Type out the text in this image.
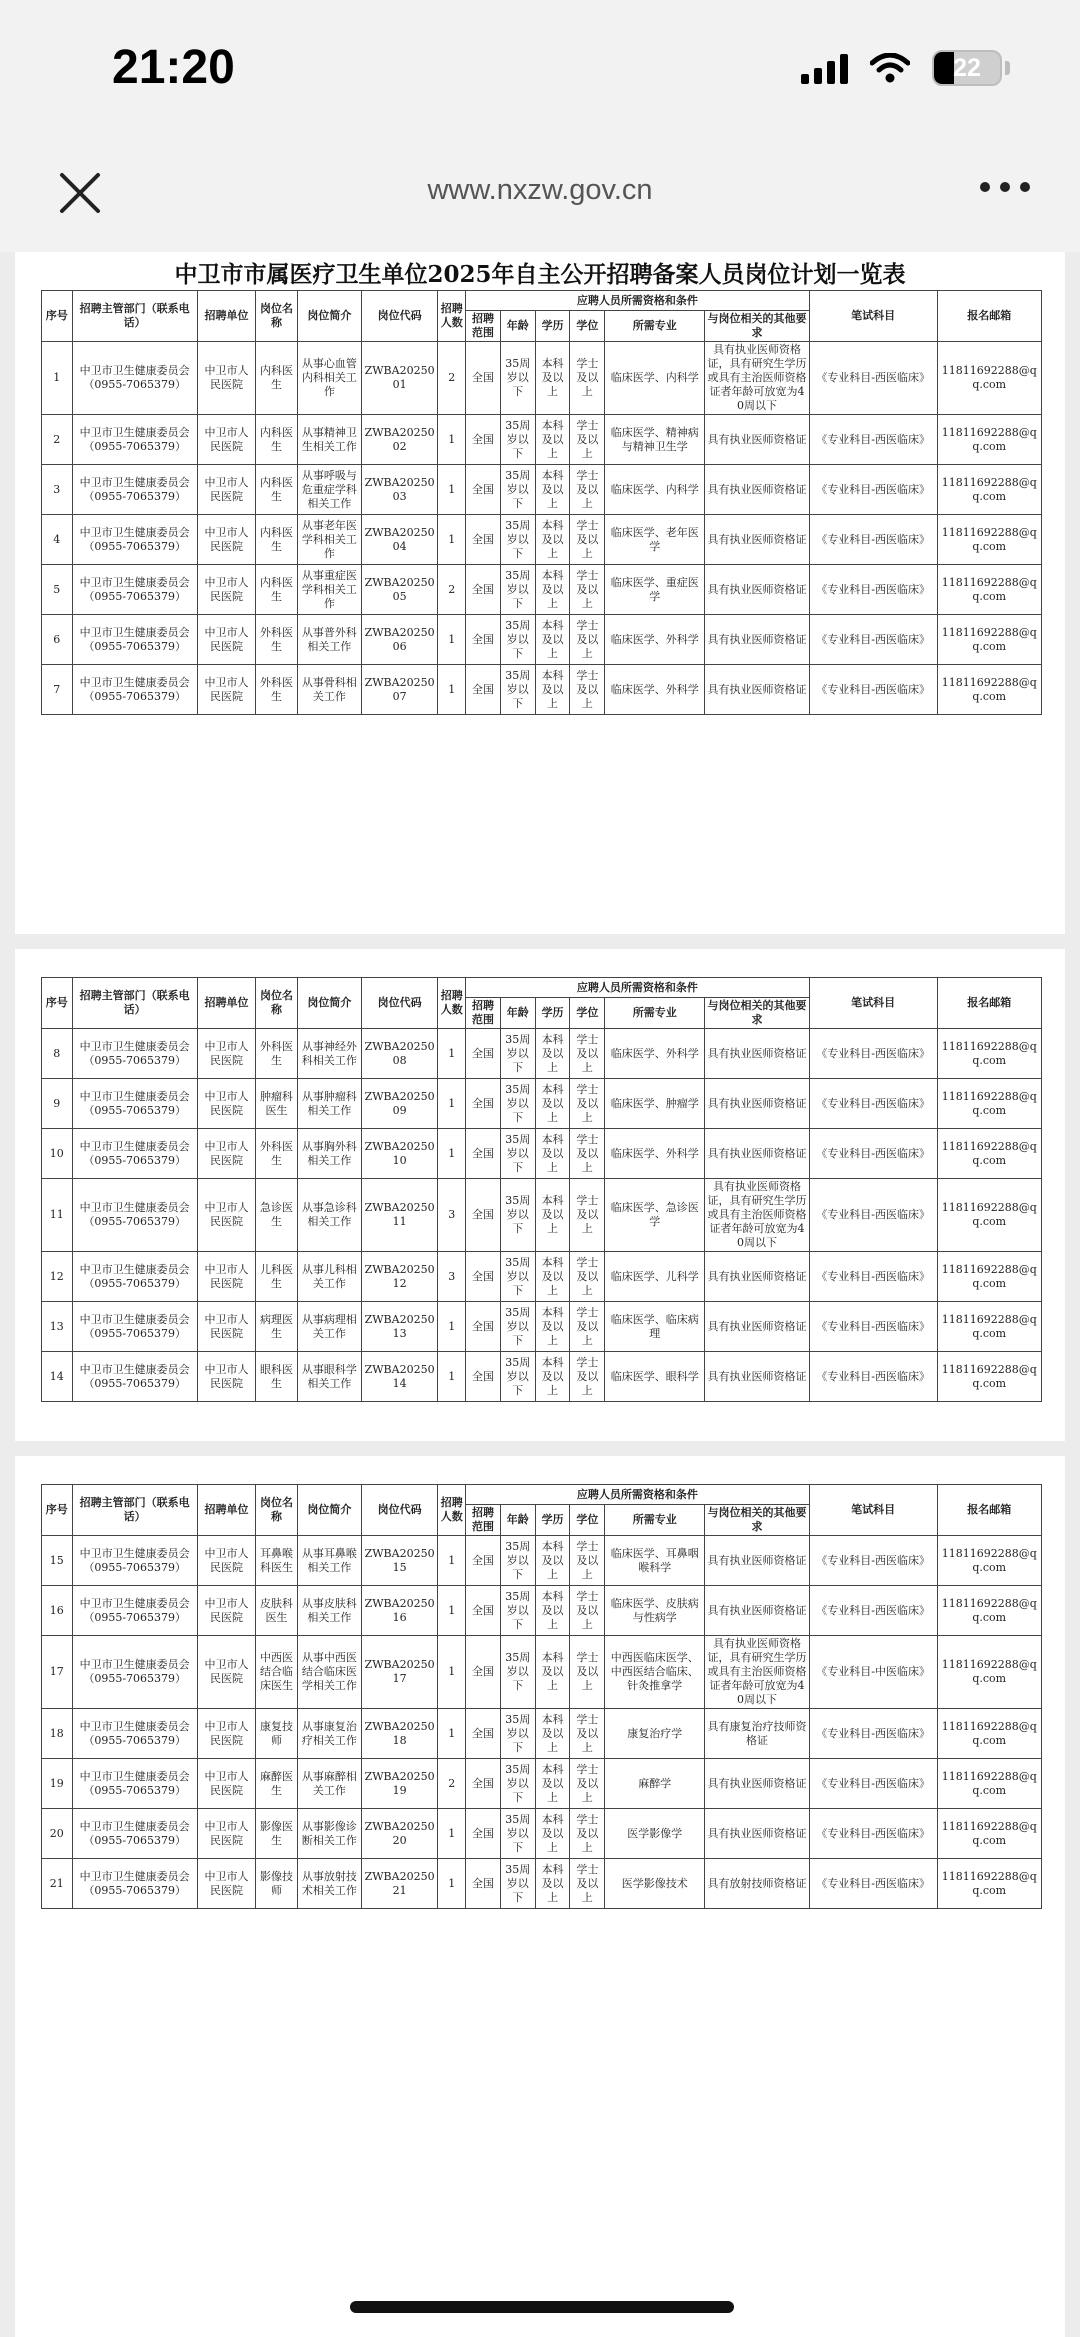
21:20	22
www.nxzw.gov.cn
中卫市市属医疗卫生单位2025年自主公开招聘备案人员岗位计划一览表
序号	招聘主管部门（联系电话）	招聘单位	岗位名称	岗位简介	岗位代码	招聘人数	应聘人员所需资格和条件						笔试科目	报名邮箱
							招聘范围	年龄	学历	学位	所需专业	与岗位相关的其他要求		
1	中卫市卫生健康委员会（0955-7065379）	中卫市人民医院	内科医生	从事心血管内科相关工作	ZWBA2025001	2	全国	35周岁以下	本科及以上	学士及以上	临床医学、内科学	具有执业医师资格证，具有研究生学历或具有主治医师资格证者年龄可放宽为40周以下	《专业科目-西医临床》	11811692288@qq.com
2	中卫市卫生健康委员会（0955-7065379）	中卫市人民医院	内科医生	从事精神卫生相关工作	ZWBA2025002	1	全国	35周岁以下	本科及以上	学士及以上	临床医学、精神病与精神卫生学	具有执业医师资格证	《专业科目-西医临床》	11811692288@qq.com
3	中卫市卫生健康委员会（0955-7065379）	中卫市人民医院	内科医生	从事呼吸与危重症学科相关工作	ZWBA2025003	1	全国	35周岁以下	本科及以上	学士及以上	临床医学、内科学	具有执业医师资格证	《专业科目-西医临床》	11811692288@qq.com
4	中卫市卫生健康委员会（0955-7065379）	中卫市人民医院	内科医生	从事老年医学科相关工作	ZWBA2025004	1	全国	35周岁以下	本科及以上	学士及以上	临床医学、老年医学	具有执业医师资格证	《专业科目-西医临床》	11811692288@qq.com
5	中卫市卫生健康委员会（0955-7065379）	中卫市人民医院	内科医生	从事重症医学科相关工作	ZWBA2025005	2	全国	35周岁以下	本科及以上	学士及以上	临床医学、重症医学	具有执业医师资格证	《专业科目-西医临床》	11811692288@qq.com
6	中卫市卫生健康委员会（0955-7065379）	中卫市人民医院	外科医生	从事普外科相关工作	ZWBA2025006	1	全国	35周岁以下	本科及以上	学士及以上	临床医学、外科学	具有执业医师资格证	《专业科目-西医临床》	11811692288@qq.com
7	中卫市卫生健康委员会（0955-7065379）	中卫市人民医院	外科医生	从事骨科相关工作	ZWBA2025007	1	全国	35周岁以下	本科及以上	学士及以上	临床医学、外科学	具有执业医师资格证	《专业科目-西医临床》	11811692288@qq.com
序号	招聘主管部门（联系电话）	招聘单位	岗位名称	岗位简介	岗位代码	招聘人数	应聘人员所需资格和条件						笔试科目	报名邮箱
							招聘范围	年龄	学历	学位	所需专业	与岗位相关的其他要求		
8	中卫市卫生健康委员会（0955-7065379）	中卫市人民医院	外科医生	从事神经外科相关工作	ZWBA2025008	1	全国	35周岁以下	本科及以上	学士及以上	临床医学、外科学	具有执业医师资格证	《专业科目-西医临床》	11811692288@qq.com
9	中卫市卫生健康委员会（0955-7065379）	中卫市人民医院	肿瘤科医生	从事肿瘤科相关工作	ZWBA2025009	1	全国	35周岁以下	本科及以上	学士及以上	临床医学、肿瘤学	具有执业医师资格证	《专业科目-西医临床》	11811692288@qq.com
10	中卫市卫生健康委员会（0955-7065379）	中卫市人民医院	外科医生	从事胸外科相关工作	ZWBA2025010	1	全国	35周岁以下	本科及以上	学士及以上	临床医学、外科学	具有执业医师资格证	《专业科目-西医临床》	11811692288@qq.com
11	中卫市卫生健康委员会（0955-7065379）	中卫市人民医院	急诊医生	从事急诊科相关工作	ZWBA2025011	3	全国	35周岁以下	本科及以上	学士及以上	临床医学、急诊医学	具有执业医师资格证，具有研究生学历或具有主治医师资格证者年龄可放宽为40周以下	《专业科目-西医临床》	11811692288@qq.com
12	中卫市卫生健康委员会（0955-7065379）	中卫市人民医院	儿科医生	从事儿科相关工作	ZWBA2025012	3	全国	35周岁以下	本科及以上	学士及以上	临床医学、儿科学	具有执业医师资格证	《专业科目-西医临床》	11811692288@qq.com
13	中卫市卫生健康委员会（0955-7065379）	中卫市人民医院	病理医生	从事病理相关工作	ZWBA2025013	1	全国	35周岁以下	本科及以上	学士及以上	临床医学、临床病理	具有执业医师资格证	《专业科目-西医临床》	11811692288@qq.com
14	中卫市卫生健康委员会（0955-7065379）	中卫市人民医院	眼科医生	从事眼科学相关工作	ZWBA2025014	1	全国	35周岁以下	本科及以上	学士及以上	临床医学、眼科学	具有执业医师资格证	《专业科目-西医临床》	11811692288@qq.com
序号	招聘主管部门（联系电话）	招聘单位	岗位名称	岗位简介	岗位代码	招聘人数	应聘人员所需资格和条件						笔试科目	报名邮箱
							招聘范围	年龄	学历	学位	所需专业	与岗位相关的其他要求		
15	中卫市卫生健康委员会（0955-7065379）	中卫市人民医院	耳鼻喉科医生	从事耳鼻喉相关工作	ZWBA2025015	1	全国	35周岁以下	本科及以上	学士及以上	临床医学、耳鼻咽喉科学	具有执业医师资格证	《专业科目-西医临床》	11811692288@qq.com
16	中卫市卫生健康委员会（0955-7065379）	中卫市人民医院	皮肤科医生	从事皮肤科相关工作	ZWBA2025016	1	全国	35周岁以下	本科及以上	学士及以上	临床医学、皮肤病与性病学	具有执业医师资格证	《专业科目-西医临床》	11811692288@qq.com
17	中卫市卫生健康委员会（0955-7065379）	中卫市人民医院	中西医结合临床医生	从事中西医结合临床医学相关工作	ZWBA2025017	1	全国	35周岁以下	本科及以上	学士及以上	中西医临床医学、中西医结合临床、针灸推拿学	具有执业医师资格证，具有研究生学历或具有主治医师资格证者年龄可放宽为40周以下	《专业科目-中医临床》	11811692288@qq.com
18	中卫市卫生健康委员会（0955-7065379）	中卫市人民医院	康复技师	从事康复治疗相关工作	ZWBA2025018	1	全国	35周岁以下	本科及以上	学士及以上	康复治疗学	具有康复治疗技师资格证	《专业科目-西医临床》	11811692288@qq.com
19	中卫市卫生健康委员会（0955-7065379）	中卫市人民医院	麻醉医生	从事麻醉相关工作	ZWBA2025019	2	全国	35周岁以下	本科及以上	学士及以上	麻醉学	具有执业医师资格证	《专业科目-西医临床》	11811692288@qq.com
20	中卫市卫生健康委员会（0955-7065379）	中卫市人民医院	影像医生	从事影像诊断相关工作	ZWBA2025020	1	全国	35周岁以下	本科及以上	学士及以上	医学影像学	具有执业医师资格证	《专业科目-西医临床》	11811692288@qq.com
21	中卫市卫生健康委员会（0955-7065379）	中卫市人民医院	影像技师	从事放射技术相关工作	ZWBA2025021	1	全国	35周岁以下	本科及以上	学士及以上	医学影像技术	具有放射技师资格证	《专业科目-西医临床》	11811692288@qq.com
